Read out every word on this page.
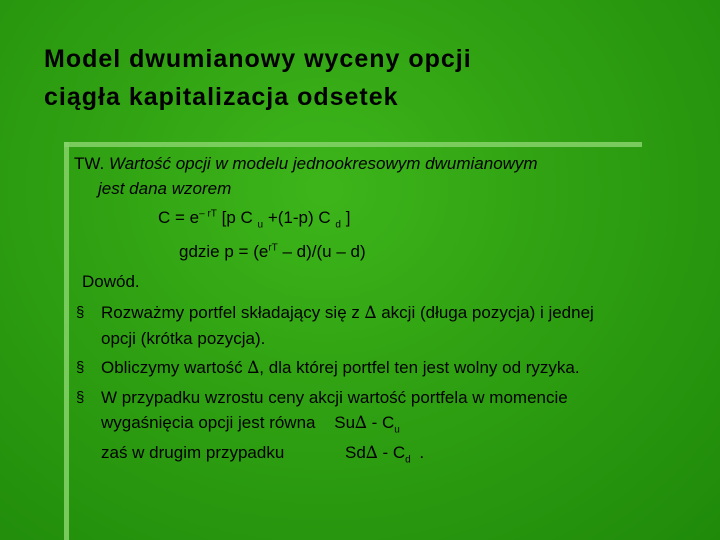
Model dwumianowy wyceny opcji
ciągła kapitalizacja odsetek
TW. Wartość opcji w modelu jednookresowym dwumianowym
jest dana wzorem
$C = e^{- rT}$ [p C $_u$ +(1-p) C $_d$ ]
gdzie $p = (e^{rT} - d)/(u - d)$
Dowód.
§ Rozważmy portfel składający się z ∆ akcji (długa pozycja) i jednej
opcji (krótka pozycja).
§ Obliczymy wartość ∆, dla której portfel ten jest wolny od ryzyka.
§ W przypadku wzrostu ceny akcji wartość portfela w momencie
wygaśnięcia opcji jest równa $Su\Delta - C_u$
zaś w drugim przypadku	$Sd\Delta - C_d$ .
